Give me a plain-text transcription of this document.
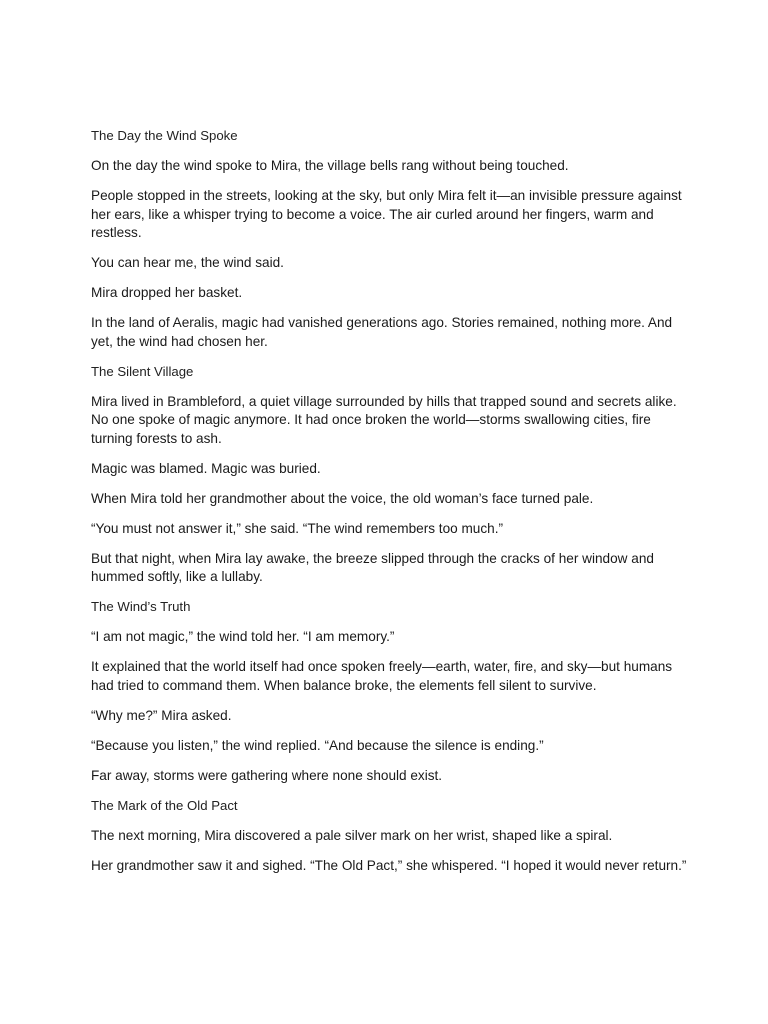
The Day the Wind Spoke

On the day the wind spoke to Mira, the village bells rang without being touched.

People stopped in the streets, looking at the sky, but only Mira felt it—an invisible pressure against her ears, like a whisper trying to become a voice. The air curled around her fingers, warm and restless.

You can hear me, the wind said.

Mira dropped her basket.

In the land of Aeralis, magic had vanished generations ago. Stories remained, nothing more. And yet, the wind had chosen her.

The Silent Village

Mira lived in Brambleford, a quiet village surrounded by hills that trapped sound and secrets alike. No one spoke of magic anymore. It had once broken the world—storms swallowing cities, fire turning forests to ash.

Magic was blamed. Magic was buried.

When Mira told her grandmother about the voice, the old woman’s face turned pale.

“You must not answer it,” she said. “The wind remembers too much.”

But that night, when Mira lay awake, the breeze slipped through the cracks of her window and hummed softly, like a lullaby.

The Wind’s Truth

“I am not magic,” the wind told her. “I am memory.”

It explained that the world itself had once spoken freely—earth, water, fire, and sky—but humans had tried to command them. When balance broke, the elements fell silent to survive.

“Why me?” Mira asked.

“Because you listen,” the wind replied. “And because the silence is ending.”

Far away, storms were gathering where none should exist.

The Mark of the Old Pact

The next morning, Mira discovered a pale silver mark on her wrist, shaped like a spiral.

Her grandmother saw it and sighed. “The Old Pact,” she whispered. “I hoped it would never return.”
